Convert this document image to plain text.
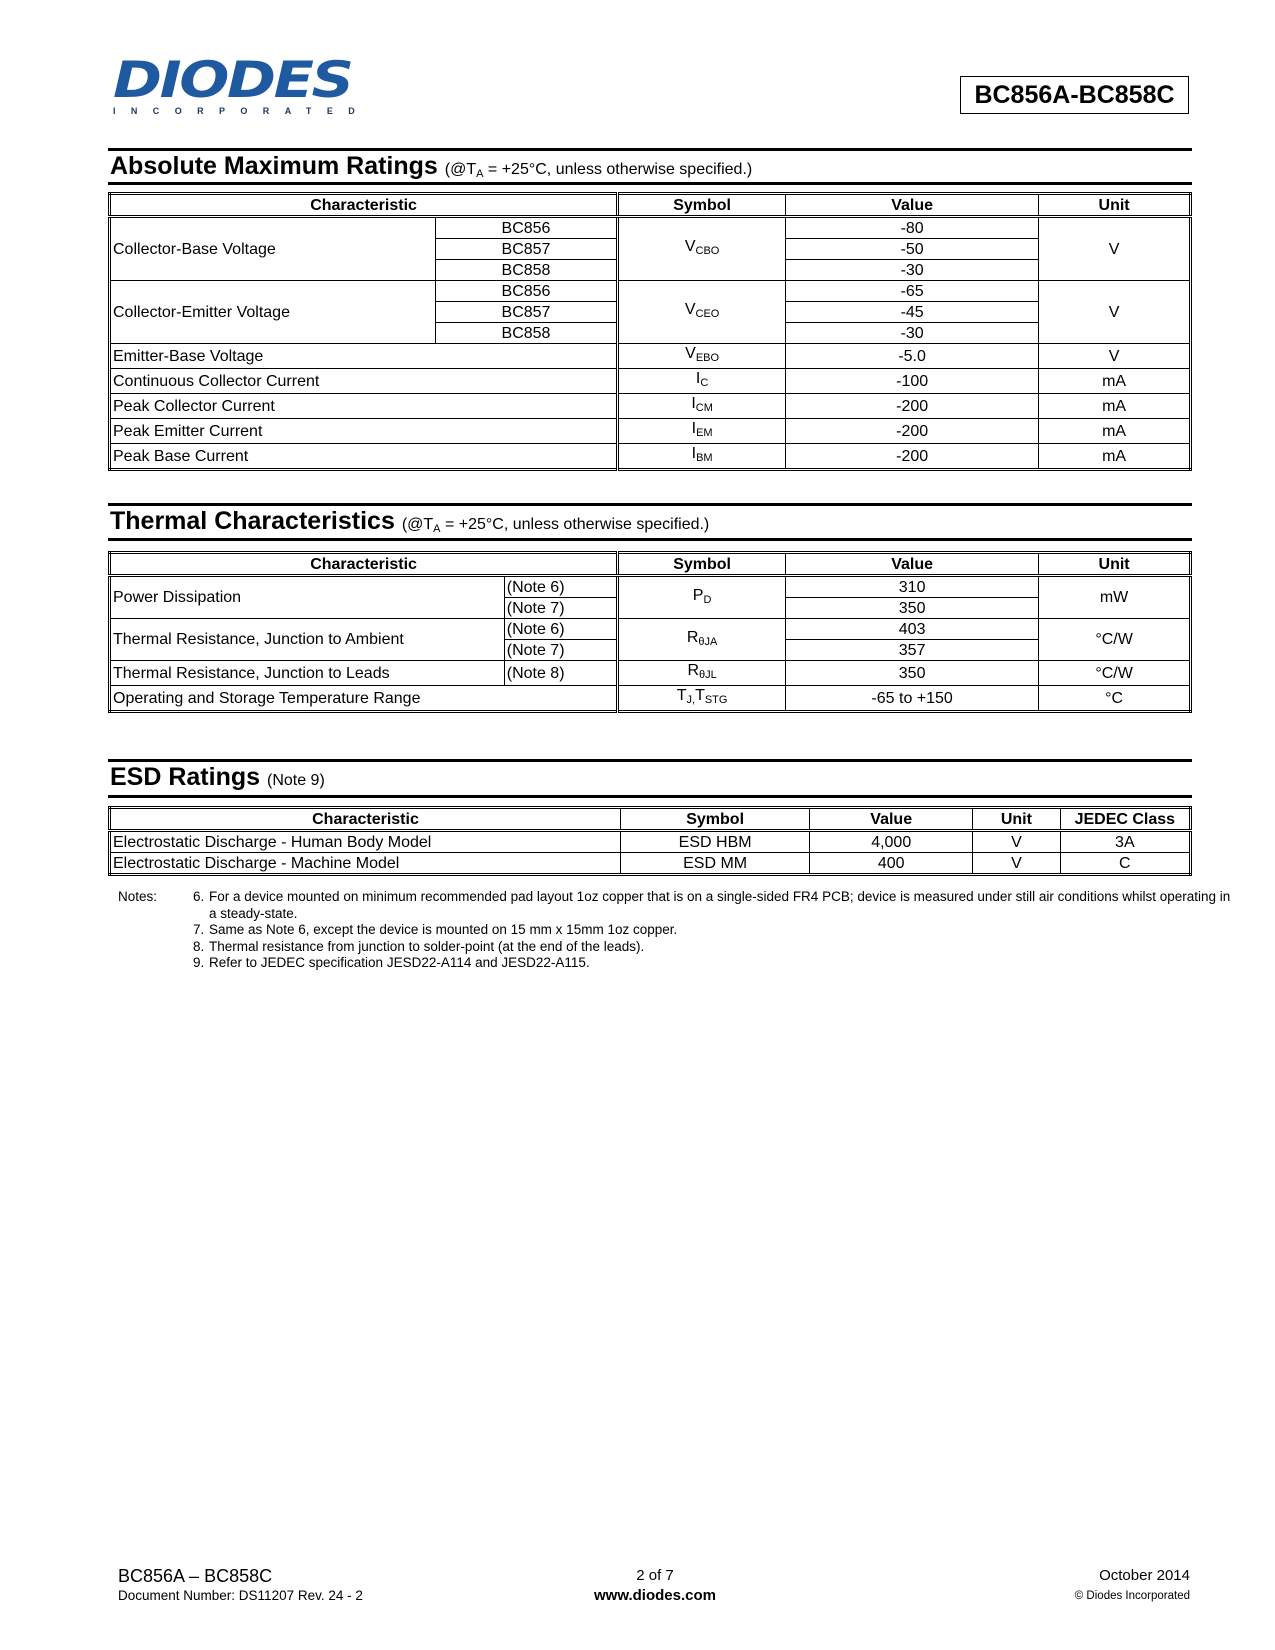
DIODES
INCORPORATED
BC856A-BC858C
Absolute Maximum Ratings ($@T_A = +25^\circ C$, unless otherwise specified.)
Characteristic		Symbol	Value	Unit
Collector-Base Voltage	BC856	$V_{CBO}$	-80	V
	BC857		-50	
	BC858		-30	
Collector-Emitter Voltage	BC856	$V_{CEO}$	-65	V
	BC857		-45	
	BC858		-30	
Emitter-Base Voltage		$V_{EBO}$	-5.0	V
Continuous Collector Current		$I_C$	-100	mA
Peak Collector Current		$I_{CM}$	-200	mA
Peak Emitter Current		$I_{EM}$	-200	mA
Peak Base Current		$I_{BM}$	-200	mA
Thermal Characteristics ($@T_A = +25^\circ C$, unless otherwise specified.)
Characteristic		Symbol	Value	Unit
Power Dissipation	(Note 6)	$P_D$	310	mW
	(Note 7)		350	
Thermal Resistance, Junction to Ambient	(Note 6)	$R_{\theta JA}$	403	°C/W
	(Note 7)		357	
Thermal Resistance, Junction to Leads	(Note 8)	$R_{\theta JL}$	350	°C/W
Operating and Storage Temperature Range		$T_{J,}T_{STG}$	-65 to +150	°C
ESD Ratings (Note 9)
Characteristic	Symbol	Value	Unit	JEDEC Class
Electrostatic Discharge - Human Body Model	ESD HBM	4,000	V	3A
Electrostatic Discharge - Machine Model	ESD MM	400	V	C
Notes:	6. For a device mounted on minimum recommended pad layout 1oz copper that is on a single-sided FR4 PCB; device is measured under still air conditions whilst operating in a steady-state.
7. Same as Note 6, except the device is mounted on 15 mm x 15mm 1oz copper.
8. Thermal resistance from junction to solder-point (at the end of the leads).
9. Refer to JEDEC specification JESD22-A114 and JESD22-A115.
BC856A – BC858C
Document Number: DS11207 Rev. 24 - 2
2 of 7
www.diodes.com
October 2014
© Diodes Incorporated
